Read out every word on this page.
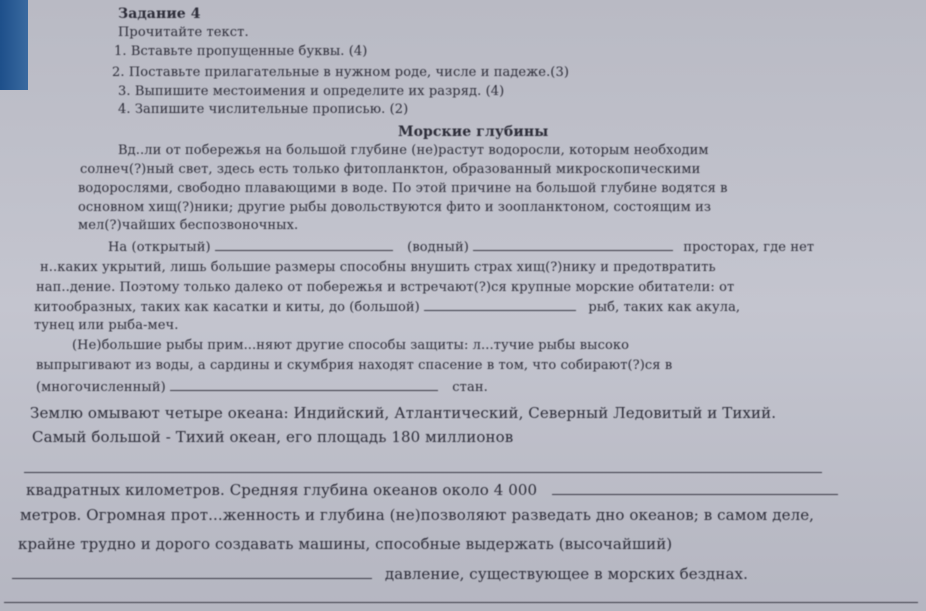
Задание 4
Прочитайте текст.
1. Вставьте пропущенные буквы. (4)
2. Поставьте прилагательные в нужном роде, числе и падеже.(3)
3. Выпишите местоимения и определите их разряд. (4)
4. Запишите числительные прописью. (2)
Морские глубины
Вд..ли от побережья на большой глубине (не)растут водоросли, которым необходим
солнеч(?)ный свет, здесь есть только фитопланктон, образованный микроскопическими
водорослями, свободно плавающими в воде. По этой причине на большой глубине водятся в
основном хищ(?)ники; другие рыбы довольствуются фито и зоопланктоном, состоящим из
мел(?)чайших беспозвоночных.
На (открытый)	(водный)	просторах, где нет
н..каких укрытий, лишь большие размеры способны внушить страх хищ(?)нику и предотвратить
нап..дение. Поэтому только далеко от побережья и встречают(?)ся крупные морские обитатели: от
китообразных, таких как касатки и киты, до (большой)	рыб, таких как акула,
тунец или рыба-меч.
(Не)большие рыбы прим...няют другие способы защиты: л...тучие рыбы высоко
выпрыгивают из воды, а сардины и скумбрия находят спасение в том, что собирают(?)ся в
(многочисленный)	стан.
Землю омывают четыре океана: Индийский, Атлантический, Северный Ледовитый и Тихий.
Самый большой - Тихий океан, его площадь 180 миллионов
квадратных километров. Средняя глубина океанов около 4 000
метров. Огромная прот...женность и глубина (не)позволяют разведать дно океанов; в самом деле,
крайне трудно и дорого создавать машины, способные выдержать (высочайший)
давление, существующее в морских безднах.
